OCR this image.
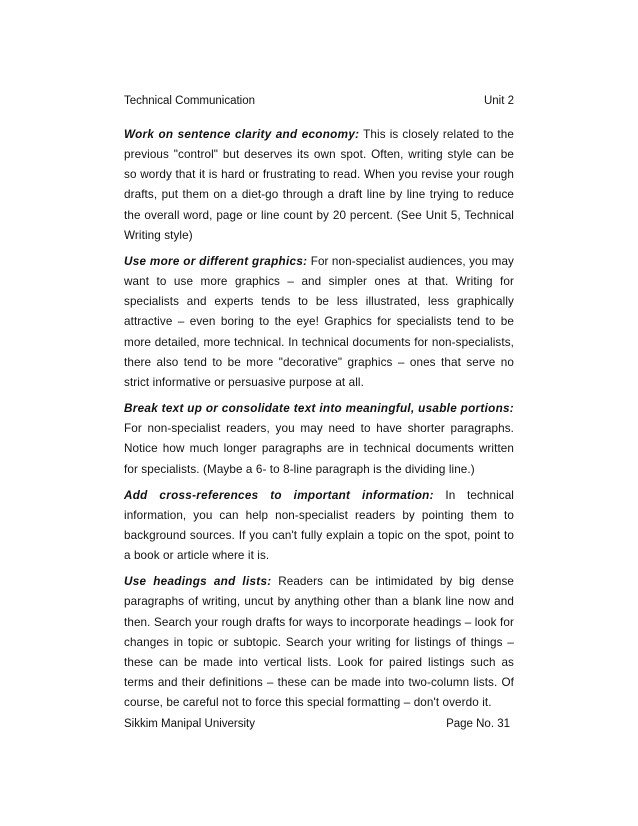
Technical Communication	Unit 2

Work on sentence clarity and economy: This is closely related to the previous "control" but deserves its own spot. Often, writing style can be so wordy that it is hard or frustrating to read. When you revise your rough drafts, put them on a diet-go through a draft line by line trying to reduce the overall word, page or line count by 20 percent. (See Unit 5, Technical Writing style)

Use more or different graphics: For non-specialist audiences, you may want to use more graphics – and simpler ones at that. Writing for specialists and experts tends to be less illustrated, less graphically attractive – even boring to the eye! Graphics for specialists tend to be more detailed, more technical. In technical documents for non-specialists, there also tend to be more "decorative" graphics – ones that serve no strict informative or persuasive purpose at all.

Break text up or consolidate text into meaningful, usable portions: For non-specialist readers, you may need to have shorter paragraphs. Notice how much longer paragraphs are in technical documents written for specialists. (Maybe a 6- to 8-line paragraph is the dividing line.)

Add cross-references to important information: In technical information, you can help non-specialist readers by pointing them to background sources. If you can't fully explain a topic on the spot, point to a book or article where it is.

Use headings and lists: Readers can be intimidated by big dense paragraphs of writing, uncut by anything other than a blank line now and then. Search your rough drafts for ways to incorporate headings – look for changes in topic or subtopic. Search your writing for listings of things – these can be made into vertical lists. Look for paired listings such as terms and their definitions – these can be made into two-column lists. Of course, be careful not to force this special formatting – don't overdo it.

Sikkim Manipal University	Page No. 31
